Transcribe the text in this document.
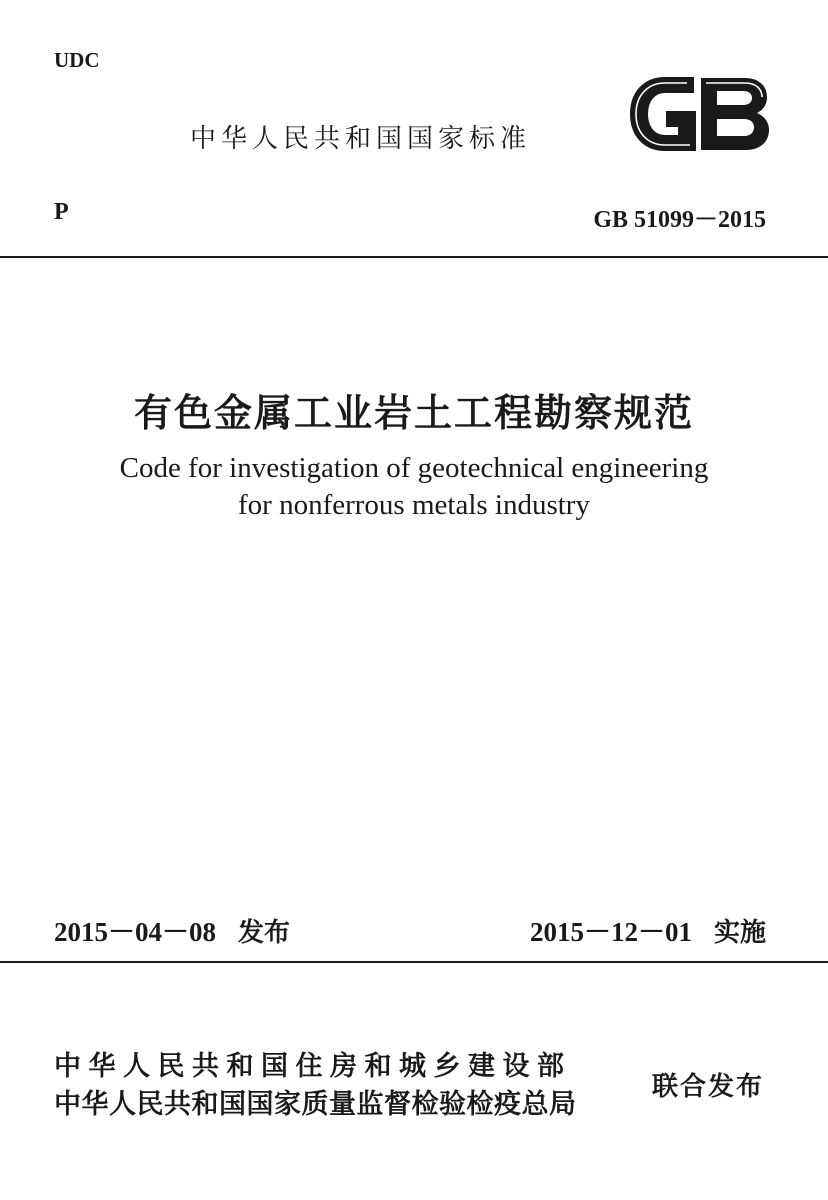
UDC
中华人民共和国国家标准
P	GB 51099－2015
有色金属工业岩土工程勘察规范
Code for investigation of geotechnical engineering
for nonferrous metals industry
2015－04－08 发布	2015－12－01 实施
中华人民共和国住房和城乡建设部
中华人民共和国国家质量监督检验检疫总局
联合发布
